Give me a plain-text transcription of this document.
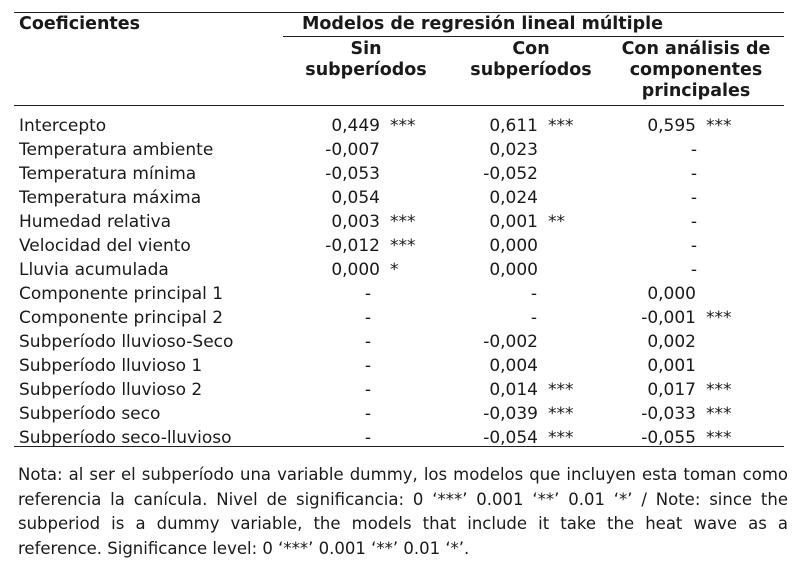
Coeficientes	Modelos de regresión lineal múltiple
Sin
subperíodos
Con
subperíodos
Con análisis de
componentes
principales
Intercepto	0,449 ***	0,611 ***	0,595 ***
Temperatura ambiente	-0,007	0,023	-
Temperatura mínima	-0,053	-0,052	-
Temperatura máxima	0,054	0,024	-
Humedad relativa	0,003 ***	0,001 **	-
Velocidad del viento	-0,012 ***	0,000	-
Lluvia acumulada	0,000 *	0,000	-
Componente principal 1	-	-	0,000
Componente principal 2	-	-	-0,001 ***
Subperíodo lluvioso-Seco	-	-0,002	0,002
Subperíodo lluvioso 1	-	0,004	0,001
Subperíodo lluvioso 2	-	0,014 ***	0,017 ***
Subperíodo seco	-	-0,039 ***	-0,033 ***
Subperíodo seco-lluvioso	-	-0,054 ***	-0,055 ***
Nota: al ser el subperíodo una variable dummy, los modelos que incluyen esta toman como referencia la canícula. Nivel de significancia: 0 ‘***’ 0.001 ‘**’ 0.01 ‘*’ / Note: since the subperiod is a dummy variable, the models that include it take the heat wave as a reference. Significance level: 0 ‘***’ 0.001 ‘**’ 0.01 ‘*’.
